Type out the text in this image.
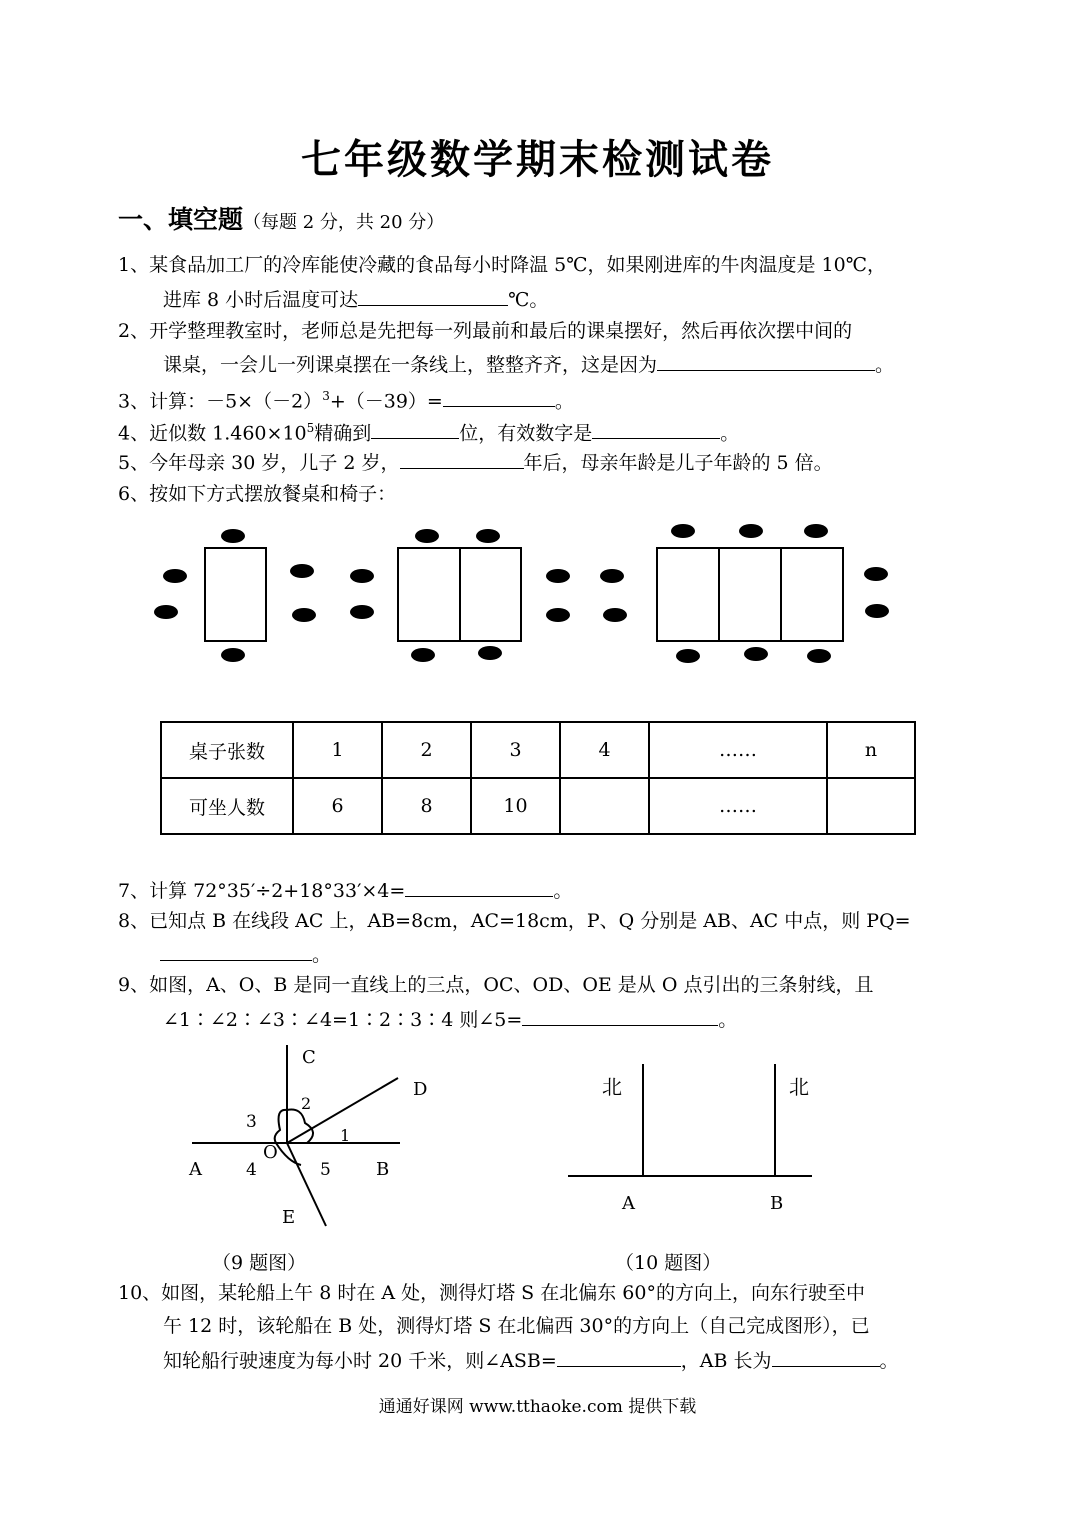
七年级数学期末检测试卷
一、填空题（每题 2 分，共 20 分）
1、某食品加工厂的冷库能使冷藏的食品每小时降温 5℃，如果刚进库的牛肉温度是 10℃，
进库 8 小时后温度可达	℃。
2、开学整理教室时，老师总是先把每一列最前和最后的课桌摆好，然后再依次摆中间的
课桌，一会儿一列课桌摆在一条线上，整整齐齐，这是因为	。
3、计算：$-5\times(-2)^3+(-39)=$	。
4、近似数 $1.460\times 10^5$精确到	位，有效数字是	。
5、今年母亲 30 岁，儿子 2 岁，	年后，母亲年龄是儿子年龄的 5 倍。
6、按如下方式摆放餐桌和椅子：
桌子张数	1	2	3	4	……	n
可坐人数	6	8	10		……	
7、计算 72°35′÷2+18°33′×4=	。
8、已知点 B 在线段 AC 上，AB=8cm，AC=18cm，P、Q 分别是 AB、AC 中点，则 PQ=
。
9、如图，A、O、B 是同一直线上的三点，OC、OD、OE 是从 O 点引出的三条射线，且
∠1∶∠2∶∠3∶∠4=1∶2∶3∶4 则∠5=	。
C
D
A	B
O
E
1
2
3
4	5
北	北
A	B
（9 题图）	（10 题图）
10、如图，某轮船上午 8 时在 A 处，测得灯塔 S 在北偏东 60°的方向上，向东行驶至中
午 12 时，该轮船在 B 处，测得灯塔 S 在北偏西 30°的方向上（自己完成图形），已
知轮船行驶速度为每小时 20 千米，则∠ASB=	，AB 长为	。
通通好课网 www.tthaoke.com 提供下载
